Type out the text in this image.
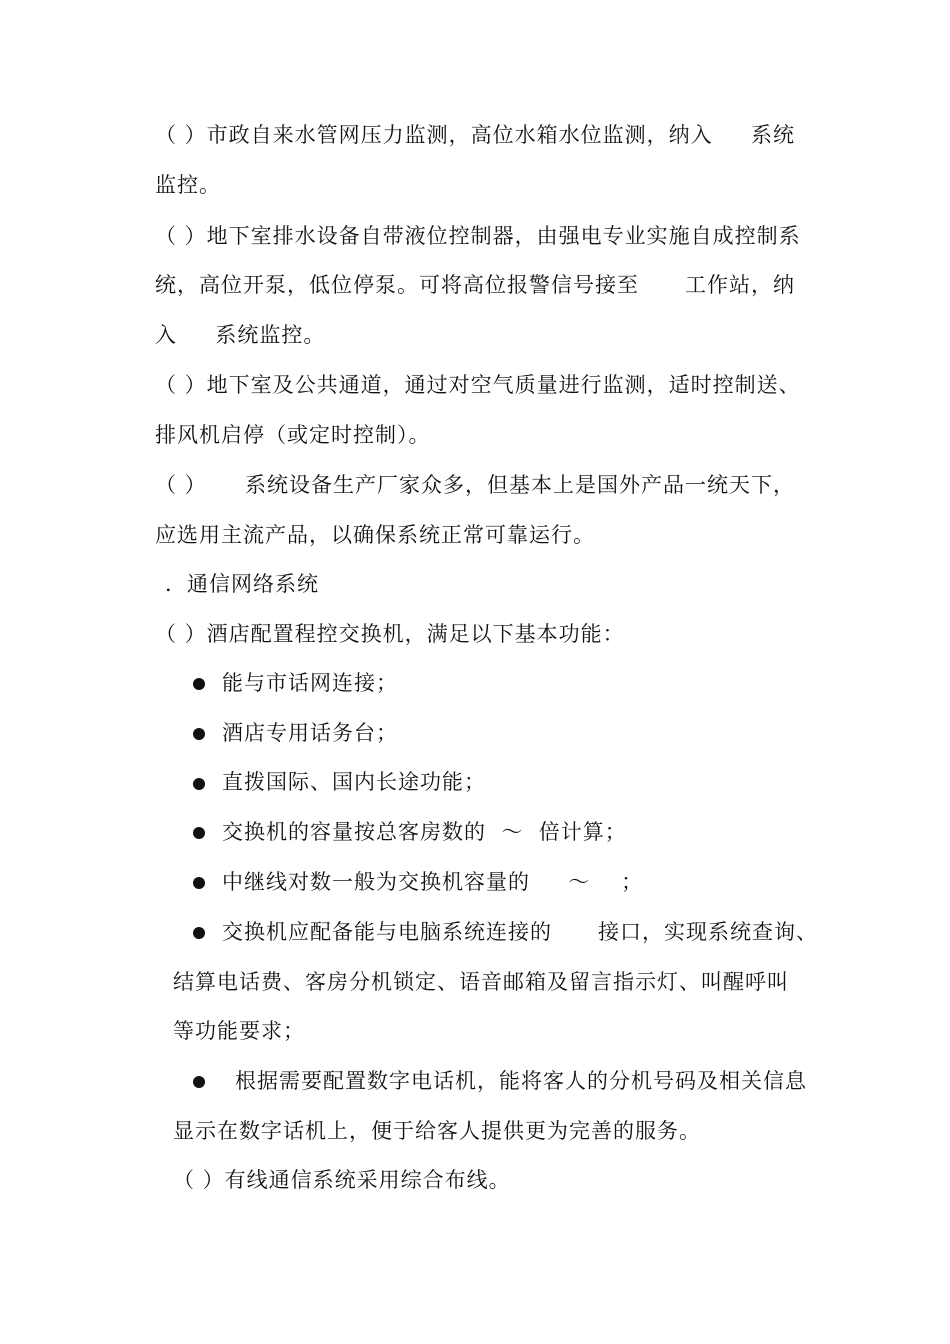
（ ）市政自来水管网压力监测，高位水箱水位监测，纳入     系统
监控。
（ ）地下室排水设备自带液位控制器，由强电专业实施自成控制系
统，高位开泵，低位停泵。可将高位报警信号接至      工作站，纳
入     系统监控。
（ ）地下室及公共通道，通过对空气质量进行监测，适时控制送、
排风机启停（或定时控制）。
（ ）     系统设备生产厂家众多，但基本上是国外产品一统天下，
应选用主流产品，以确保系统正常可靠运行。
．通信网络系统
（ ）酒店配置程控交换机，满足以下基本功能：
能与市话网连接；
酒店专用话务台；
直拨国际、国内长途功能；
交换机的容量按总客房数的  ～  倍计算；
中继线对数一般为交换机容量的     ～    ；
交换机应配备能与电脑系统连接的      接口，实现系统查询、
结算电话费、客房分机锁定、语音邮箱及留言指示灯、叫醒呼叫
等功能要求；
根据需要配置数字电话机，能将客人的分机号码及相关信息
显示在数字话机上，便于给客人提供更为完善的服务。
（ ）有线通信系统采用综合布线。
